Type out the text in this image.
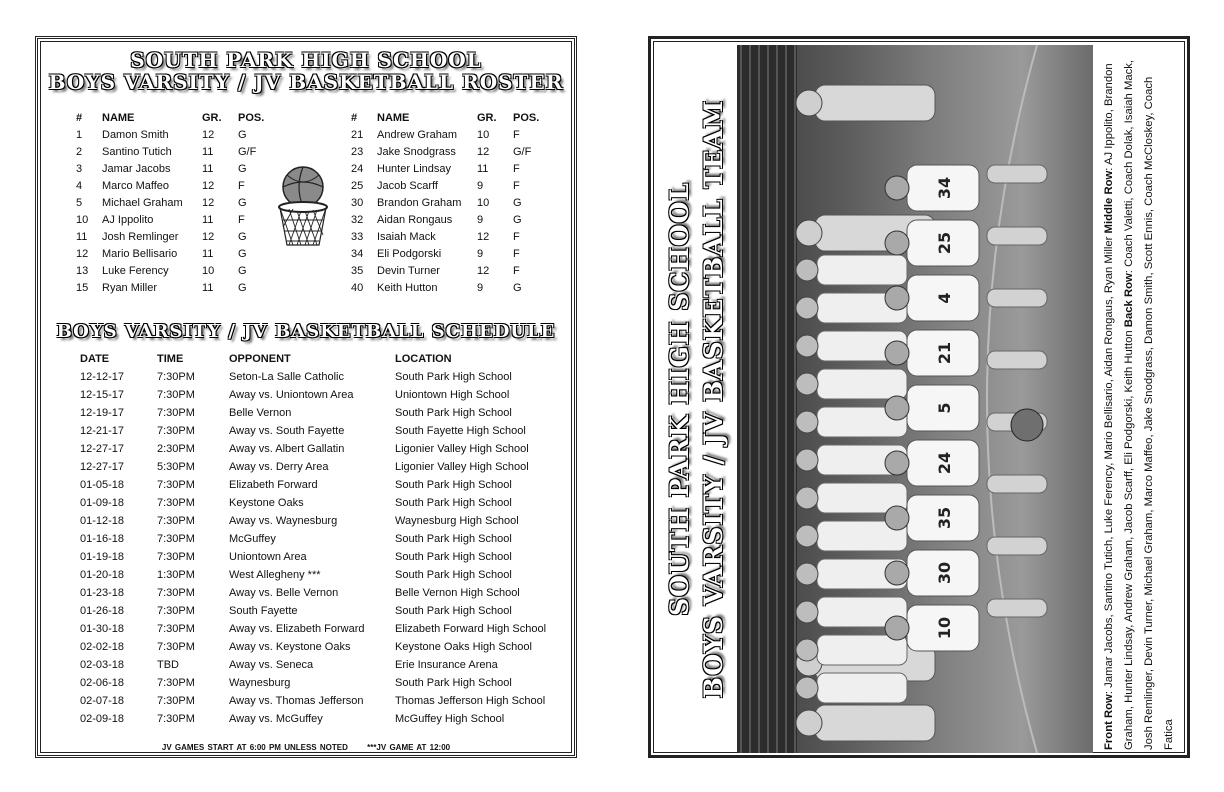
SOUTH PARK HIGH SCHOOL
BOYS VARSITY / JV BASKETBALL ROSTER
#	NAME	GR.	POS.
1	Damon Smith	12	G
2	Santino Tutich	11	G/F
3	Jamar Jacobs	11	G
4	Marco Maffeo	12	F
5	Michael Graham	12	G
10	AJ Ippolito	11	F
11	Josh Remlinger	12	G
12	Mario Bellisario	11	G
13	Luke Ferency	10	G
15	Ryan Miller	11	G
#	NAME	GR.	POS.
21	Andrew Graham	10	F
23	Jake Snodgrass	12	G/F
24	Hunter Lindsay	11	F
25	Jacob Scarff	9	F
30	Brandon Graham	10	G
32	Aidan Rongaus	9	G
33	Isaiah Mack	12	F
34	Eli Podgorski	9	F
35	Devin Turner	12	F
40	Keith Hutton	9	G
BOYS VARSITY / JV BASKETBALL SCHEDULE
DATE	TIME	OPPONENT	LOCATION
12-12-17	7:30PM	Seton-La Salle Catholic	South Park High School
12-15-17	7:30PM	Away vs. Uniontown Area	Uniontown High School
12-19-17	7:30PM	Belle Vernon	South Park High School
12-21-17	7:30PM	Away vs. South Fayette	South Fayette High School
12-27-17	2:30PM	Away vs. Albert Gallatin	Ligonier Valley High School
12-27-17	5:30PM	Away vs. Derry Area	Ligonier Valley High School
01-05-18	7:30PM	Elizabeth Forward	South Park High School
01-09-18	7:30PM	Keystone Oaks	South Park High School
01-12-18	7:30PM	Away vs. Waynesburg	Waynesburg High School
01-16-18	7:30PM	McGuffey	South Park High School
01-19-18	7:30PM	Uniontown Area	South Park High School
01-20-18	1:30PM	West Allegheny ***	South Park High School
01-23-18	7:30PM	Away vs. Belle Vernon	Belle Vernon High School
01-26-18	7:30PM	South Fayette	South Park High School
01-30-18	7:30PM	Away vs. Elizabeth Forward	Elizabeth Forward High School
02-02-18	7:30PM	Away vs. Keystone Oaks	Keystone Oaks High School
02-03-18	TBD	Away vs. Seneca	Erie Insurance Arena
02-06-18	7:30PM	Waynesburg	South Park High School
02-07-18	7:30PM	Away vs. Thomas Jefferson	Thomas Jefferson High School
02-09-18	7:30PM	Away vs. McGuffey	McGuffey High School
JV GAMES START AT 6:00 PM UNLESS NOTED ***JV GAME AT 12:00
SOUTH PARK HIGH SCHOOL BOYS VARSITY / JV BASKETBALL TEAM	10
30
35
24
5
21
4
25
34
Front Row: Jamar Jacobs, Santino Tutich, Luke Ferency, Mario Bellisario, Aidan Rongaus, Ryan Miller Middle Row: AJ Ippolito, Brandon Graham, Hunter Lindsay, Andrew Graham, Jacob Scarff, Eli Podgorski, Keith Hutton Back Row: Coach Valetti, Coach Dolak, Isaiah Mack, Josh Remlinger, Devin Turner, Michael Graham, Marco Maffeo, Jake Snodgrass, Damon Smith, Scott Ennis, Coach McCloskey, Coach Fatica
